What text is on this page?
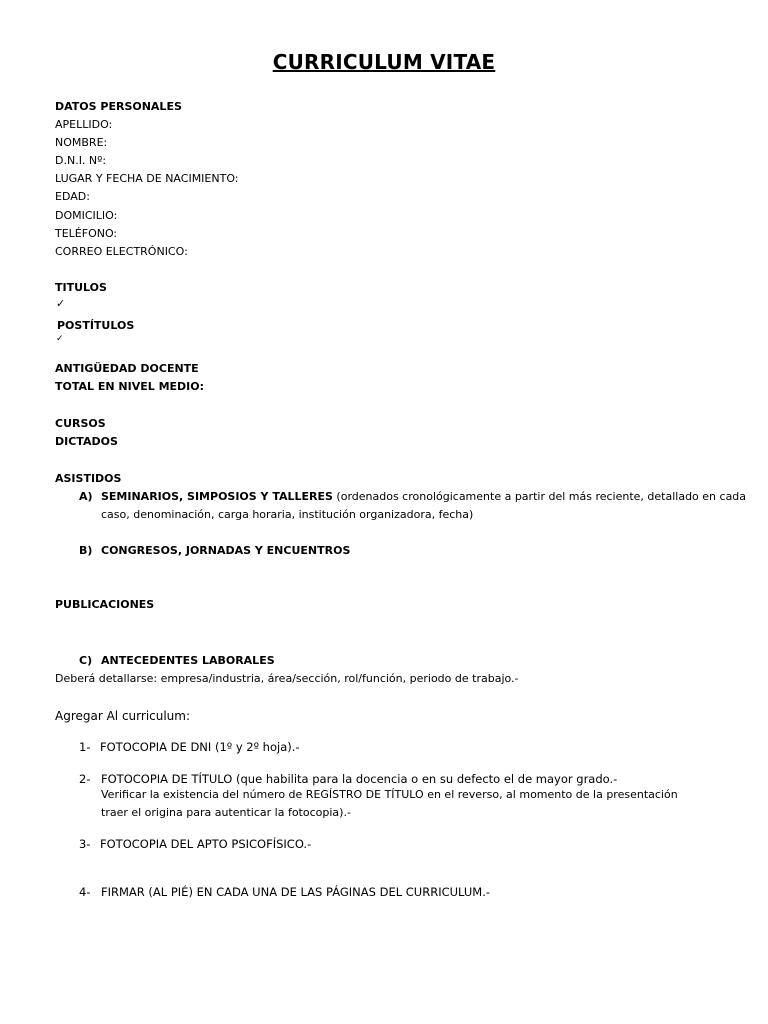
CURRICULUM VITAE
DATOS PERSONALES
APELLIDO:
NOMBRE:
D.N.I. Nº:
LUGAR Y FECHA DE NACIMIENTO:
EDAD:
DOMICILIO:
TELÉFONO:
CORREO ELECTRÓNICO:
TITULOS
✓
POSTÍTULOS
✓
ANTIGÜEDAD DOCENTE
TOTAL EN NIVEL MEDIO:
CURSOS
DICTADOS
ASISTIDOS
A) SEMINARIOS, SIMPOSIOS Y TALLERES (ordenados cronológicamente a partir del más reciente, detallado en cada
caso, denominación, carga horaria, institución organizadora, fecha)
B) CONGRESOS, JORNADAS Y ENCUENTROS
PUBLICACIONES
C) ANTECEDENTES LABORALES
Deberá detallarse: empresa/industria, área/sección, rol/función, periodo de trabajo.-
Agregar Al curriculum:
1- FOTOCOPIA DE DNI (1º y 2º hoja).-
2- FOTOCOPIA DE TÍTULO (que habilita para la docencia o en su defecto el de mayor grado.-
Verificar la existencia del número de REGÍSTRO DE TÍTULO en el reverso, al momento de la presentación
traer el origina para autenticar la fotocopia).-
3- FOTOCOPIA DEL APTO PSICOFÍSICO.-
4- FIRMAR (AL PIÉ) EN CADA UNA DE LAS PÁGINAS DEL CURRICULUM.-
